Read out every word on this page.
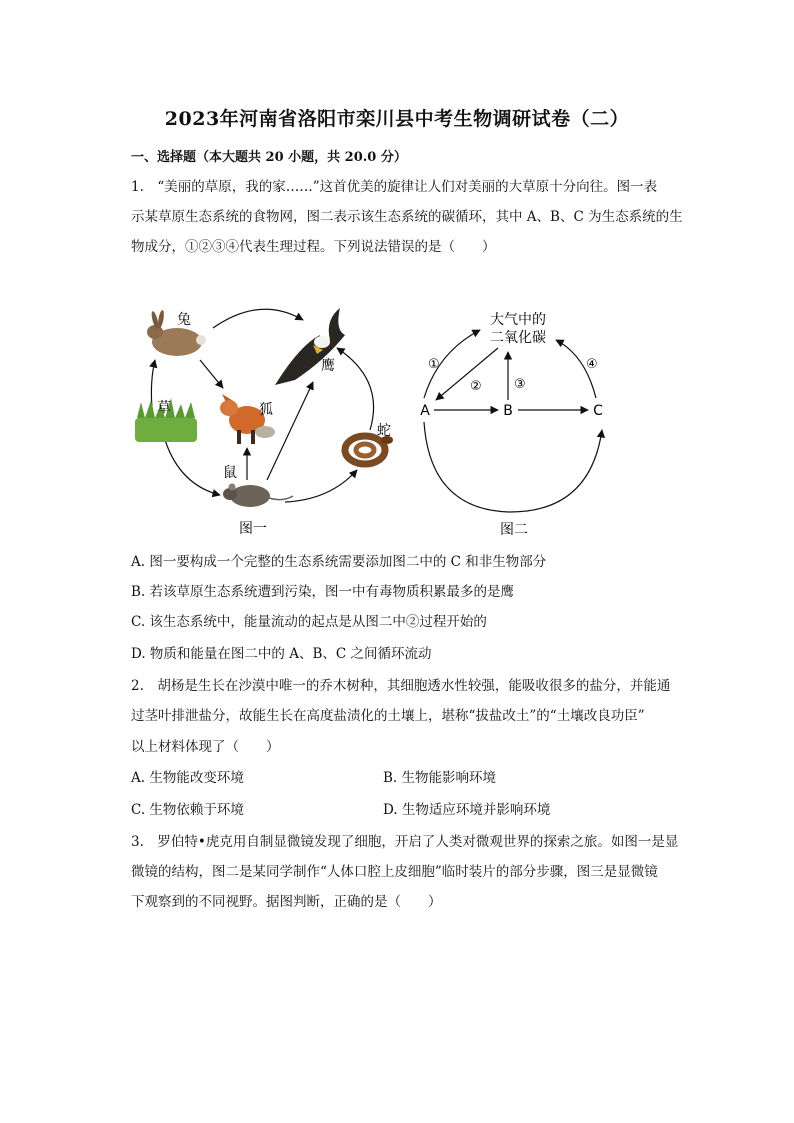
2023年河南省洛阳市栾川县中考生物调研试卷（二）
一、选择题（本大题共 20 小题，共 20.0 分）
1.　“美丽的草原，我的家……”这首优美的旋律让人们对美丽的大草原十分向往。图一表
示某草原生态系统的食物网，图二表示该生态系统的碳循环，其中 A、B、C 为生态系统的生
物成分，①②③④代表生理过程。下列说法错误的是（　　）
兔
鹰
草	狐
蛇
鼠
图一
大气中的
二氧化碳
A	B	C
①
② ③
④
图二
A. 图一要构成一个完整的生态系统需要添加图二中的 C 和非生物部分
B. 若该草原生态系统遭到污染，图一中有毒物质积累最多的是鹰
C. 该生态系统中，能量流动的起点是从图二中②过程开始的
D. 物质和能量在图二中的 A、B、C 之间循环流动
2.　胡杨是生长在沙漠中唯一的乔木树种，其细胞透水性较强，能吸收很多的盐分，并能通
过茎叶排泄盐分，故能生长在高度盐渍化的土壤上，堪称“拔盐改土”的“土壤改良功臣”
以上材料体现了（　　）
A. 生物能改变环境	B. 生物能影响环境
C. 生物依赖于环境	D. 生物适应环境并影响环境
3.　罗伯特•虎克用自制显微镜发现了细胞，开启了人类对微观世界的探索之旅。如图一是显
微镜的结构，图二是某同学制作“人体口腔上皮细胞”临时装片的部分步骤，图三是显微镜
下观察到的不同视野。据图判断，正确的是（　　）
